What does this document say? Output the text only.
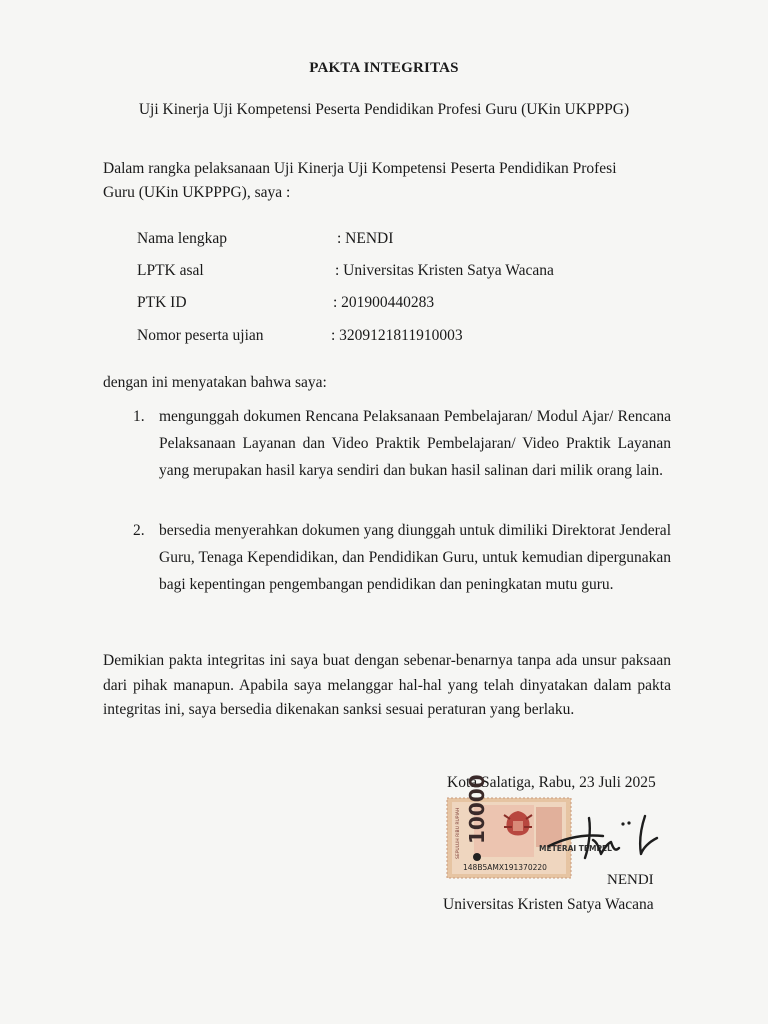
PAKTA INTEGRITAS
Uji Kinerja Uji Kompetensi Peserta Pendidikan Profesi Guru (UKin UKPPPG)
Dalam rangka pelaksanaan Uji Kinerja Uji Kompetensi Peserta Pendidikan Profesi Guru (UKin UKPPPG), saya :
Nama lengkap	: NENDI
LPTK asal	: Universitas Kristen Satya Wacana
PTK ID	: 201900440283
Nomor peserta ujian	: 3209121811910003
dengan ini menyatakan bahwa saya:
1. mengunggah dokumen Rencana Pelaksanaan Pembelajaran/ Modul Ajar/ Rencana Pelaksanaan Layanan dan Video Praktik Pembelajaran/ Video Praktik Layanan yang merupakan hasil karya sendiri dan bukan hasil salinan dari milik orang lain.
2. bersedia menyerahkan dokumen yang diunggah untuk dimiliki Direktorat Jenderal Guru, Tenaga Kependidikan, dan Pendidikan Guru, untuk kemudian dipergunakan bagi kepentingan pengembangan pendidikan dan peningkatan mutu guru.
Demikian pakta integritas ini saya buat dengan sebenar-benarnya tanpa ada unsur paksaan dari pihak manapun. Apabila saya melanggar hal-hal yang telah dinyatakan dalam pakta integritas ini, saya bersedia dikenakan sanksi sesuai peraturan yang berlaku.
Kota Salatiga, Rabu, 23 Juli 2025
SEPULUH RIBU RUPIAH 10000
METERAI TEMPEL
148B5AMX191370220
NENDI
Universitas Kristen Satya Wacana
